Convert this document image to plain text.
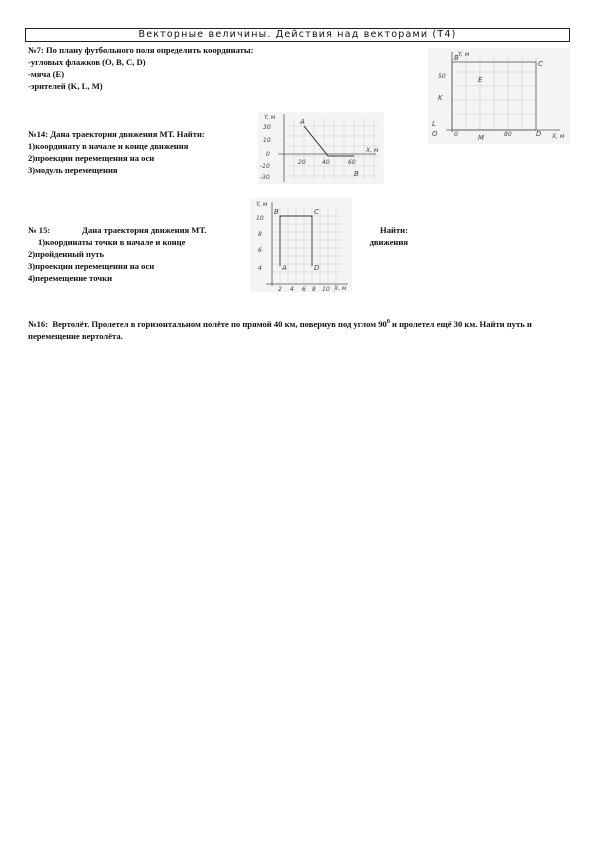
Векторные величины. Действия над векторами (Т4)
№7: По плану футбольного поля определить координаты:
-угловых флажков (O, B, C, D)
-мяча (E)
-зрителей (K, L, M)
№14: Дана траектория движения МТ. Найти:
1)координату в начале и конце движения
2)проекции перемещения на оси
3)модуль перемещения
№ 15:	Дана траектория движения МТ.	Найти:
1)координаты точки в начале и конце	движения
2)пройденный путь
3)проекции перемещения на оси
4)перемещение точки
№16: Вертолёт. Пролетел в горизонтальном полёте по прямой 40 км, повернув под углом $90^0$ и пролетел ещё 30 км. Найти путь и перемещение вертолёта.
Y, м
X, м
O
B
C
D
E
K
L
M
50
0	80
Y, м
X, м
30
10
0
-10
-30
20	40	60
A
B
Y, м
X, м
10
8
6
4
2 4 6 8 10
A
B	C
D
